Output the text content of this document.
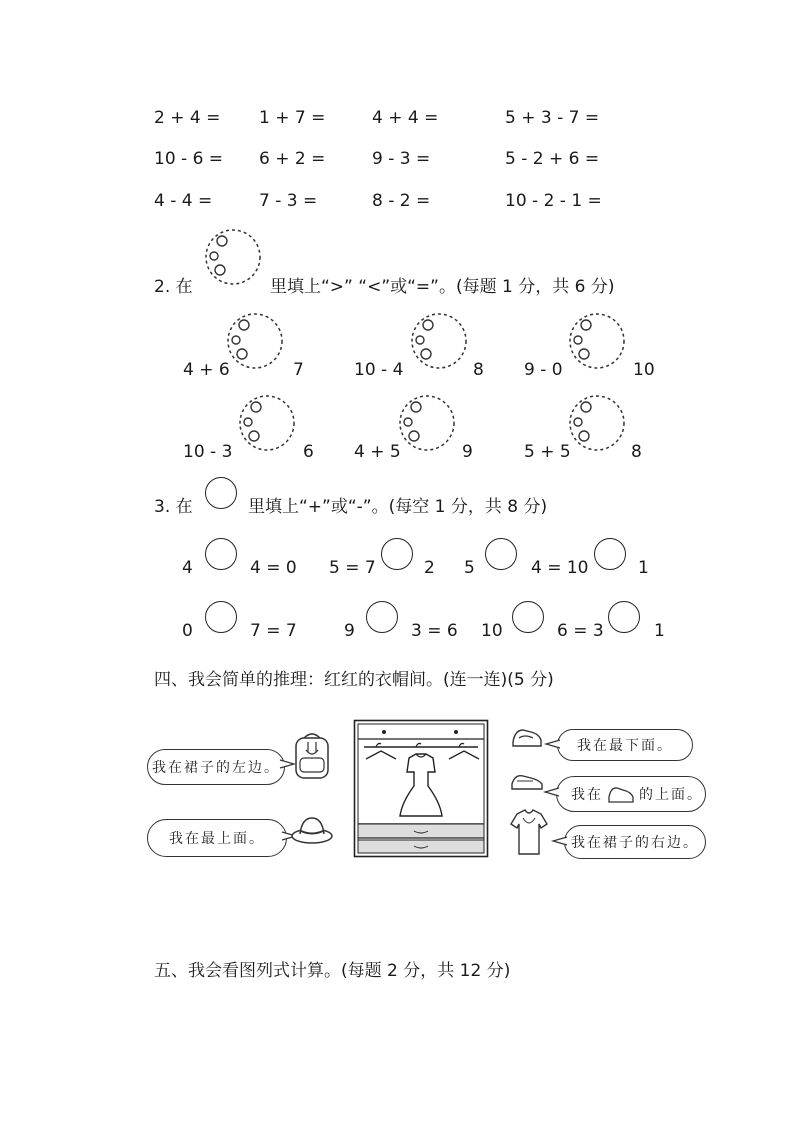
2 + 4 = 1 + 7 =	4 + 4 =	5 + 3 - 7 =
10 - 6 = 6 + 2 =	9 - 3 =	5 - 2 + 6 =
4 - 4 =	7 - 3 =	8 - 2 =	10 - 2 - 1 =
2. 在	里填上“>” “<”或“=”。(每题 1 分，共 6 分)
4 + 6	7	10 - 4	8 9 - 0	10
10 - 3	6 4 + 5	9	5 + 5	8
3. 在	里填上“+”或“-”。(每空 1 分，共 8 分)
4	4 = 0 5 = 7	2 5	4 = 10	1
0	7 = 7	9	3 = 6 10	6 = 3	1
四、我会简单的推理：红红的衣帽间。(连一连)(5 分)
我在裙子的左边。
我在最上面。
我在最下面。
我在	的上面。
我在裙子的右边。
五、我会看图列式计算。(每题 2 分，共 12 分)
